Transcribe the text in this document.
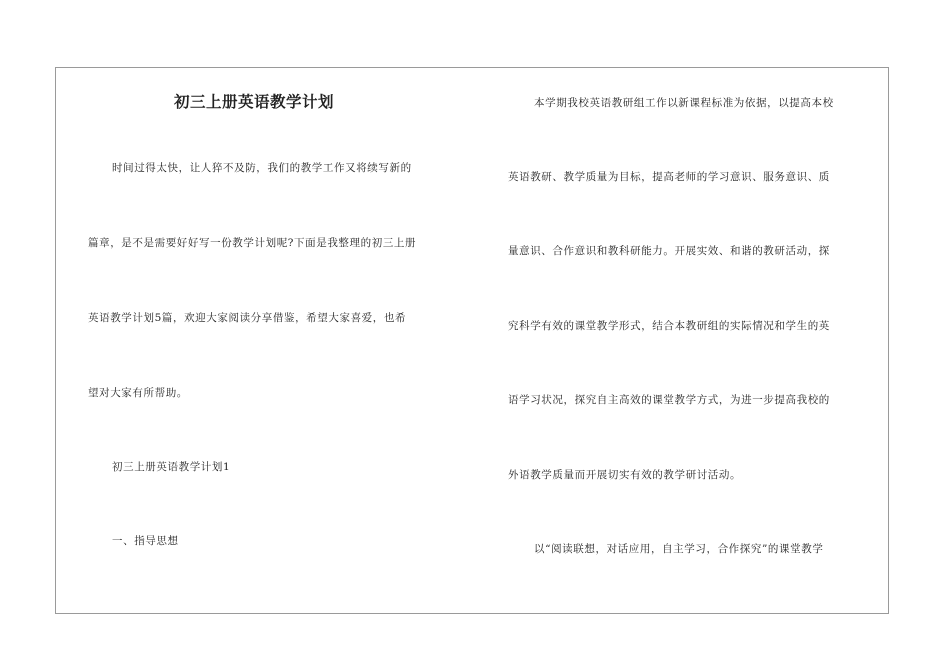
初三上册英语教学计划
时间过得太快，让人猝不及防，我们的教学工作又将续写新的
篇章，是不是需要好好写一份教学计划呢?下面是我整理的初三上册
英语教学计划5篇，欢迎大家阅读分享借鉴，希望大家喜爱，也希
望对大家有所帮助。
初三上册英语教学计划1
一、指导思想
本学期我校英语教研组工作以新课程标准为依据，以提高本校
英语教研、教学质量为目标，提高老师的学习意识、服务意识、质
量意识、合作意识和教科研能力。开展实效、和谐的教研活动，探
究科学有效的课堂教学形式，结合本教研组的实际情况和学生的英
语学习状况，探究自主高效的课堂教学方式，为进一步提高我校的
外语教学质量而开展切实有效的教学研讨活动。
以“阅读联想，对话应用，自主学习，合作探究”的课堂教学
